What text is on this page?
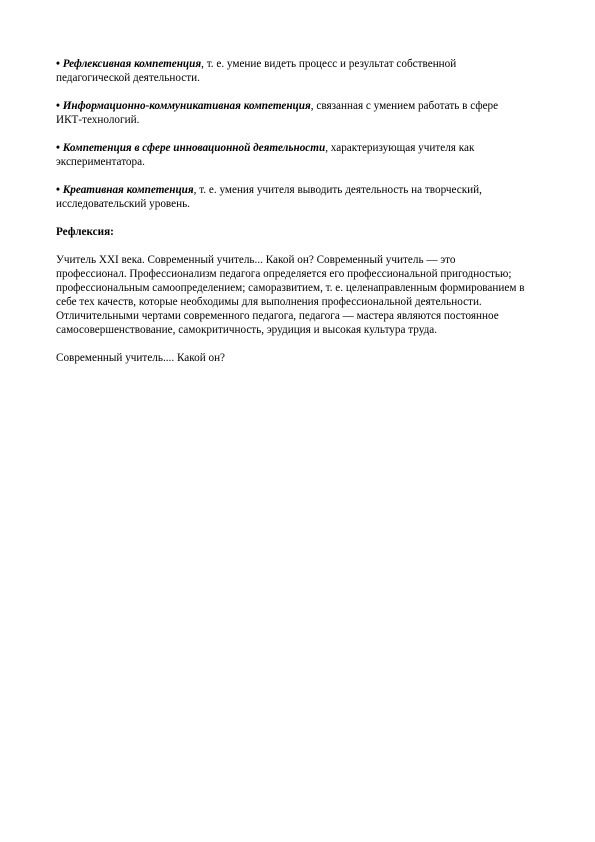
• Рефлексивная компетенция, т. е. умение видеть процесс и результат собственной
педагогической деятельности.

• Информационно-коммуникативная компетенция, связанная с умением работать в сфере
ИКТ-технологий.

• Компетенция в сфере инновационной деятельности, характеризующая учителя как
экспериментатора.

• Креативная компетенция, т. е. умения учителя выводить деятельность на творческий,
исследовательский уровень.

Рефлексия:

Учитель XXI века. Современный учитель... Какой он? Современный учитель — это
профессионал. Профессионализм педагога определяется его профессиональной пригодностью;
профессиональным самоопределением; саморазвитием, т. е. целенаправленным формированием в
себе тех качеств, которые необходимы для выполнения профессиональной деятельности.
Отличительными чертами современного педагога, педагога — мастера являются постоянное
самосовершенствование, самокритичность, эрудиция и высокая культура труда.

Современный учитель.... Какой он?
